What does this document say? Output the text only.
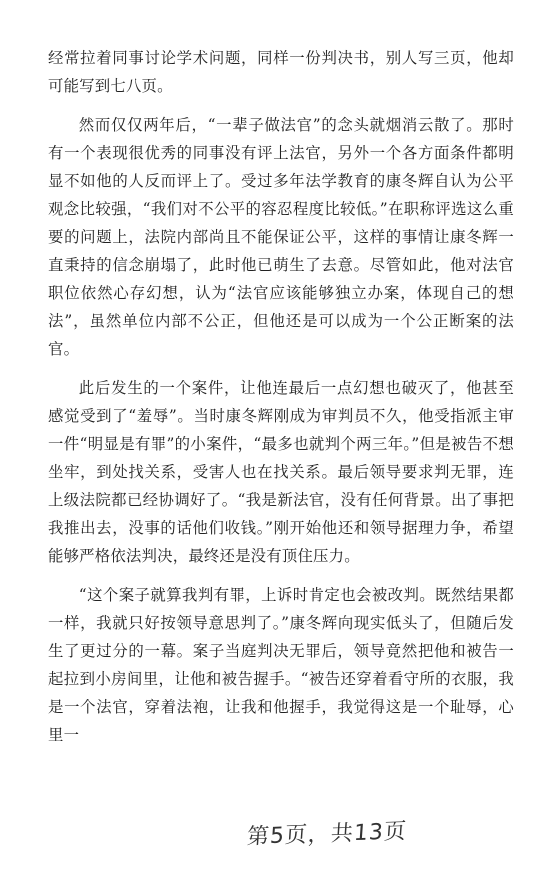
经常拉着同事讨论学术问题，同样一份判决书，别人写三页，他却可能写到七八页。

然而仅仅两年后，“一辈子做法官”的念头就烟消云散了。那时有一个表现很优秀的同事没有评上法官，另外一个各方面条件都明显不如他的人反而评上了。受过多年法学教育的康冬辉自认为公平观念比较强，“我们对不公平的容忍程度比较低。”在职称评选这么重要的问题上，法院内部尚且不能保证公平，这样的事情让康冬辉一直秉持的信念崩塌了，此时他已萌生了去意。尽管如此，他对法官职位依然心存幻想，认为“法官应该能够独立办案，体现自己的想法”，虽然单位内部不公正，但他还是可以成为一个公正断案的法官。

此后发生的一个案件，让他连最后一点幻想也破灭了，他甚至感觉受到了“羞辱”。当时康冬辉刚成为审判员不久，他受指派主审一件“明显是有罪”的小案件，“最多也就判个两三年。”但是被告不想坐牢，到处找关系，受害人也在找关系。最后领导要求判无罪，连上级法院都已经协调好了。“我是新法官，没有任何背景。出了事把我推出去，没事的话他们收钱。”刚开始他还和领导据理力争，希望能够严格依法判决，最终还是没有顶住压力。

“这个案子就算我判有罪，上诉时肯定也会被改判。既然结果都一样，我就只好按领导意思判了。”康冬辉向现实低头了，但随后发生了更过分的一幕。案子当庭判决无罪后，领导竟然把他和被告一起拉到小房间里，让他和被告握手。“被告还穿着看守所的衣服，我是一个法官，穿着法袍，让我和他握手，我觉得这是一个耻辱，心里一

第5页，共13页
